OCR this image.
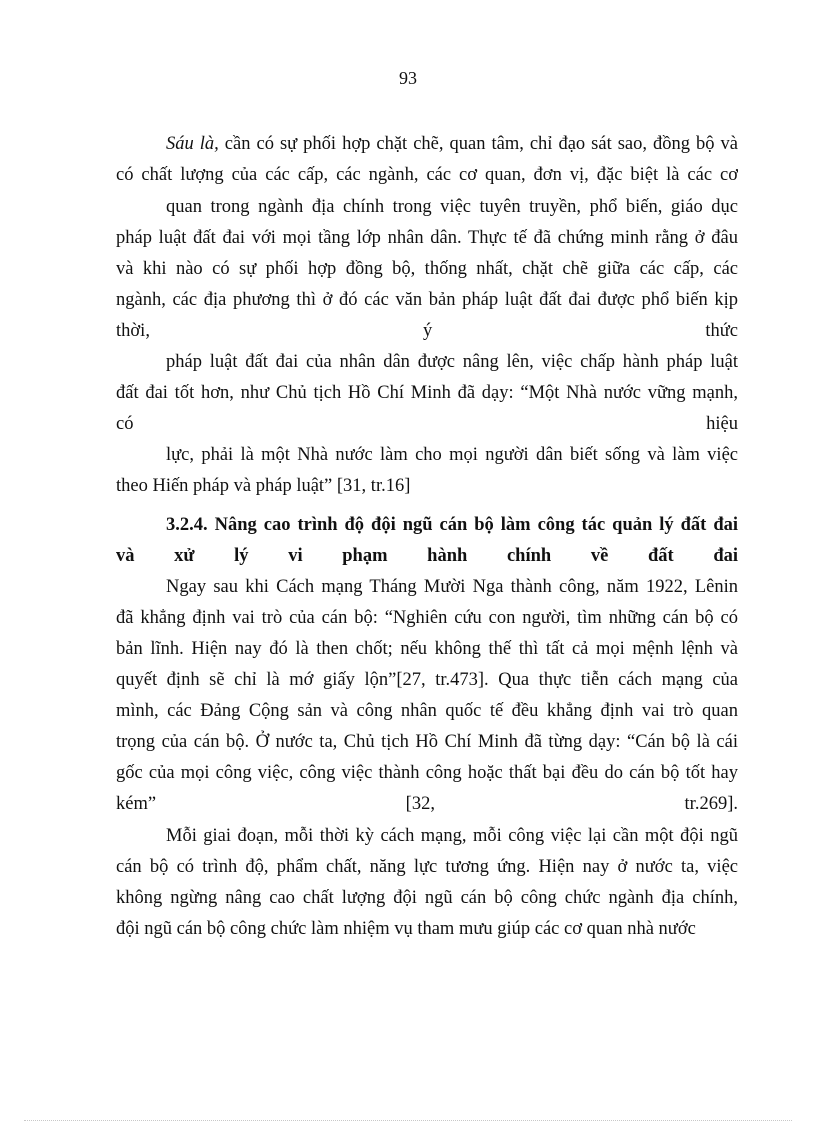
93
Sáu là, cần có sự phối hợp chặt chẽ, quan tâm, chỉ đạo sát sao, đồng bộ và
có chất lượng của các cấp, các ngành, các cơ quan, đơn vị, đặc biệt là các cơ
quan trong ngành địa chính trong việc tuyên truyền, phổ biến, giáo dục
pháp luật đất đai với mọi tầng lớp nhân dân. Thực tế đã chứng minh rằng ở đâu
và khi nào có sự phối hợp đồng bộ, thống nhất, chặt chẽ giữa các cấp, các
ngành, các địa phương thì ở đó các văn bản pháp luật đất đai được phổ biến kịp
thời,	ý	thức
pháp luật đất đai của nhân dân được nâng lên, việc chấp hành pháp luật
đất đai tốt hơn, như Chủ tịch Hồ Chí Minh đã dạy: “Một Nhà nước vững mạnh,
có	hiệu
lực, phải là một Nhà nước làm cho mọi người dân biết sống và làm việc
theo Hiến pháp và pháp luật” [31, tr.16]
3.2.4. Nâng cao trình độ đội ngũ cán bộ làm công tác quản lý đất đai
và xử lý vi phạm hành chính về đất đai
Ngay sau khi Cách mạng Tháng Mười Nga thành công, năm 1922, Lênin
đã khẳng định vai trò của cán bộ: “Nghiên cứu con người, tìm những cán bộ có
bản lĩnh. Hiện nay đó là then chốt; nếu không thế thì tất cả mọi mệnh lệnh và
quyết định sẽ chỉ là mớ giấy lộn”[27, tr.473]. Qua thực tiễn cách mạng của
mình, các Đảng Cộng sản và công nhân quốc tế đều khẳng định vai trò quan
trọng của cán bộ. Ở nước ta, Chủ tịch Hồ Chí Minh đã từng dạy: “Cán bộ là cái
gốc của mọi công việc, công việc thành công hoặc thất bại đều do cán bộ tốt hay
kém”	[32,	tr.269].
Mỗi giai đoạn, mỗi thời kỳ cách mạng, mỗi công việc lại cần một đội ngũ
cán bộ có trình độ, phẩm chất, năng lực tương ứng. Hiện nay ở nước ta, việc
không ngừng nâng cao chất lượng đội ngũ cán bộ công chức ngành địa chính,
đội ngũ cán bộ công chức làm nhiệm vụ tham mưu giúp các cơ quan nhà nước
